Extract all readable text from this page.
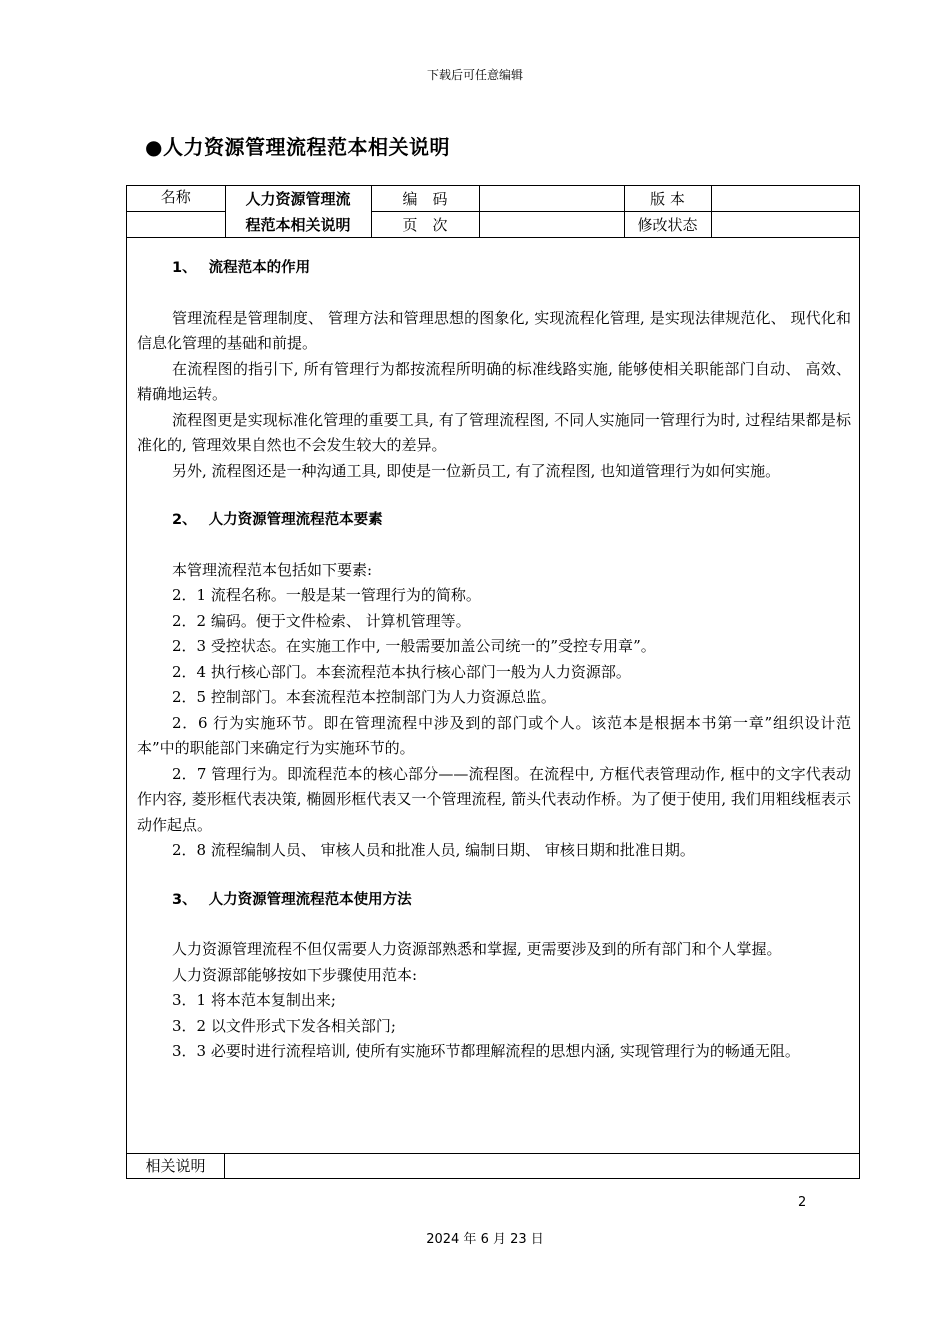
下载后可任意编辑
●人力资源管理流程范本相关说明
名称	人力资源管理流	编　码		版 本	
	程范本相关说明	页　次		修改状态	
1、 流程范本的作用

管理流程是管理制度、 管理方法和管理思想的图象化, 实现流程化管理, 是实现法律规范化、 现代化和信息化管理的基础和前提。

在流程图的指引下, 所有管理行为都按流程所明确的标准线路实施, 能够使相关职能部门自动、 高效、 精确地运转。

流程图更是实现标准化管理的重要工具, 有了管理流程图, 不同人实施同一管理行为时, 过程结果都是标准化的, 管理效果自然也不会发生较大的差异。

另外, 流程图还是一种沟通工具, 即使是一位新员工, 有了流程图, 也知道管理行为如何实施。

2、 人力资源管理流程范本要素

本管理流程范本包括如下要素:

2．1 流程名称。一般是某一管理行为的简称。

2．2 编码。便于文件检索、 计算机管理等。

2．3 受控状态。在实施工作中, 一般需要加盖公司统一的”受控专用章”。

2．4 执行核心部门。本套流程范本执行核心部门一般为人力资源部。

2．5 控制部门。本套流程范本控制部门为人力资源总监。

2．6 行为实施环节。即在管理流程中涉及到的部门或个人。该范本是根据本书第一章”组织设计范本”中的职能部门来确定行为实施环节的。

2．7 管理行为。即流程范本的核心部分——流程图。在流程中, 方框代表管理动作, 框中的文字代表动作内容, 菱形框代表决策, 椭圆形框代表又一个管理流程, 箭头代表动作桥。为了便于使用, 我们用粗线框表示动作起点。

2．8 流程编制人员、 审核人员和批准人员, 编制日期、 审核日期和批准日期。

3、 人力资源管理流程范本使用方法

人力资源管理流程不但仅需要人力资源部熟悉和掌握, 更需要涉及到的所有部门和个人掌握。

人力资源部能够按如下步骤使用范本:

3．1 将本范本复制出来;

3．2 以文件形式下发各相关部门;

3．3 必要时进行流程培训, 使所有实施环节都理解流程的思想内涵, 实现管理行为的畅通无阻。

相关说明
2
2024 年 6 月 23 日
